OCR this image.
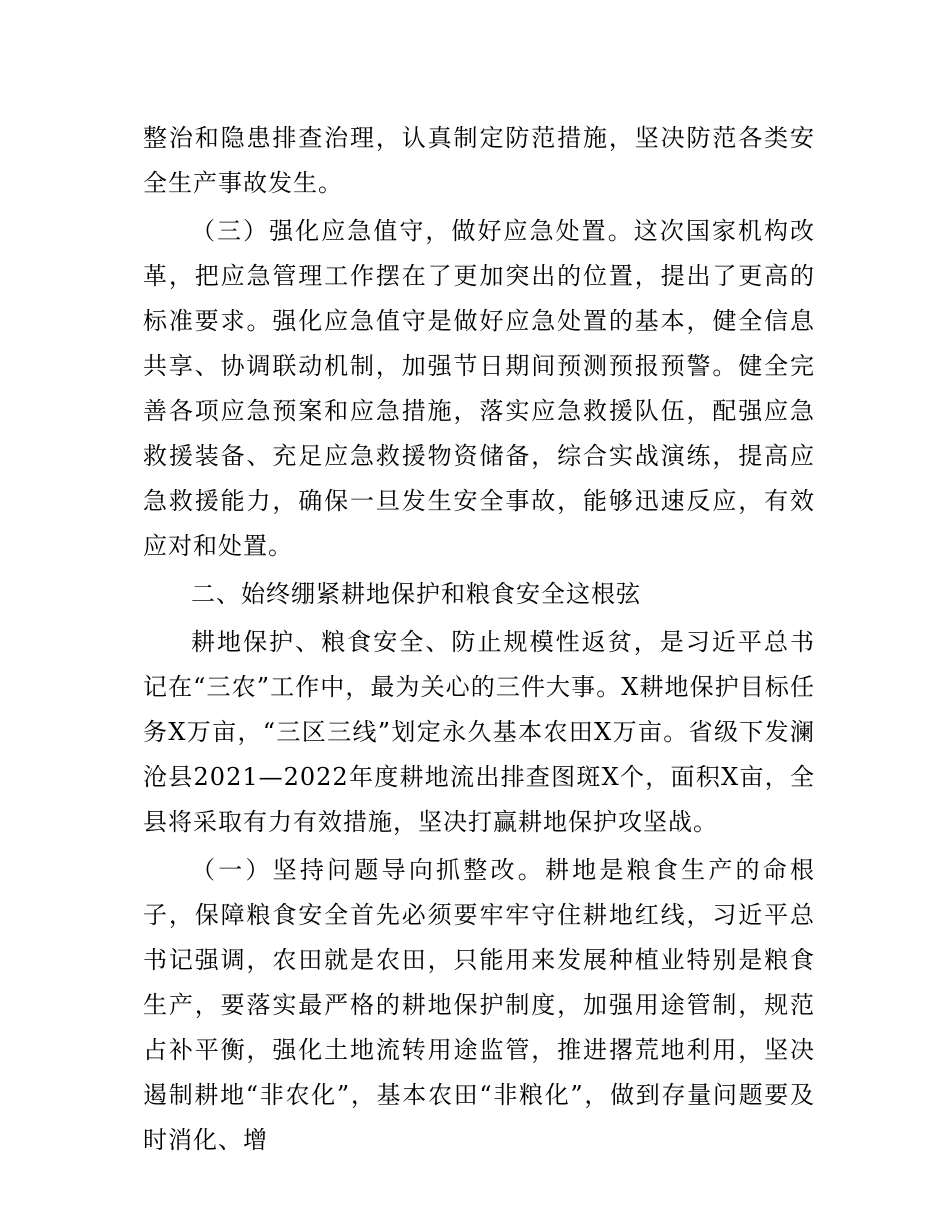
整治和隐患排查治理，认真制定防范措施，坚决防范各类安全生产事故发生。

（三）强化应急值守，做好应急处置。这次国家机构改革，把应急管理工作摆在了更加突出的位置，提出了更高的标准要求。强化应急值守是做好应急处置的基本，健全信息共享、协调联动机制，加强节日期间预测预报预警。健全完善各项应急预案和应急措施，落实应急救援队伍，配强应急救援装备、充足应急救援物资储备，综合实战演练，提高应急救援能力，确保一旦发生安全事故，能够迅速反应，有效应对和处置。

二、始终绷紧耕地保护和粮食安全这根弦

耕地保护、粮食安全、防止规模性返贫，是习近平总书记在“三农”工作中，最为关心的三件大事。X耕地保护目标任务X万亩，“三区三线”划定永久基本农田X万亩。省级下发澜沧县2021—2022年度耕地流出排查图斑X个，面积X亩，全县将采取有力有效措施，坚决打赢耕地保护攻坚战。

（一）坚持问题导向抓整改。耕地是粮食生产的命根子，保障粮食安全首先必须要牢牢守住耕地红线，习近平总书记强调，农田就是农田，只能用来发展种植业特别是粮食生产，要落实最严格的耕地保护制度，加强用途管制，规范占补平衡，强化土地流转用途监管，推进撂荒地利用，坚决遏制耕地“非农化”，基本农田“非粮化”，做到存量问题要及时消化、增
